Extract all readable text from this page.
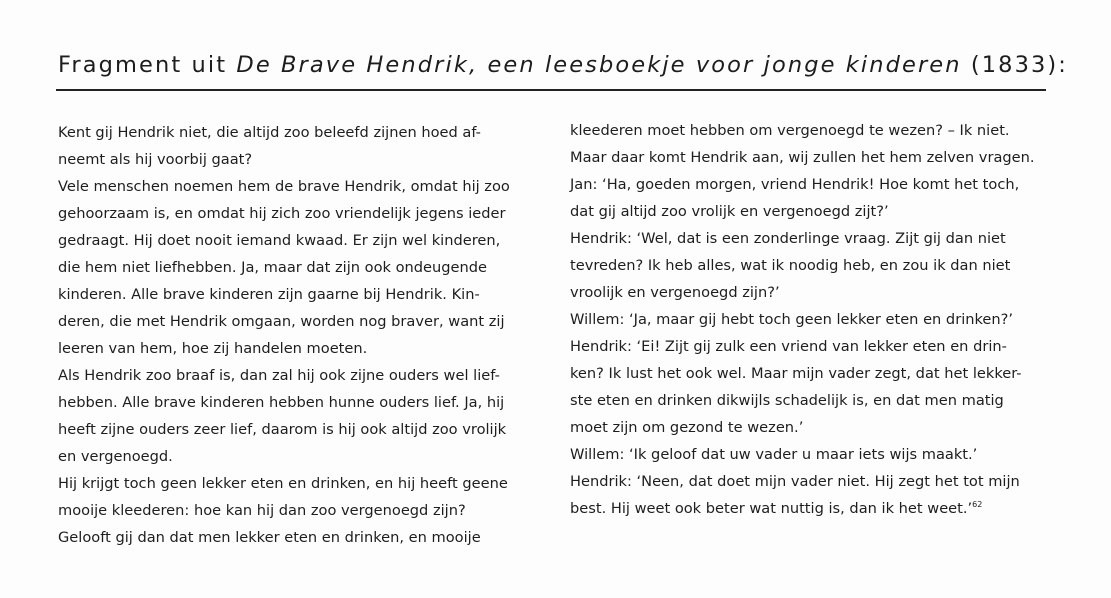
Fragment uit De Brave Hendrik, een leesboekje voor jonge kinderen (1833):
Kent gij Hendrik niet, die altijd zoo beleefd zijnen hoed af-
neemt als hij voorbij gaat?
Vele menschen noemen hem de brave Hendrik, omdat hij zoo
gehoorzaam is, en omdat hij zich zoo vriendelijk jegens ieder
gedraagt. Hij doet nooit iemand kwaad. Er zijn wel kinderen,
die hem niet liefhebben. Ja, maar dat zijn ook ondeugende
kinderen. Alle brave kinderen zijn gaarne bij Hendrik. Kin-
deren, die met Hendrik omgaan, worden nog braver, want zij
leeren van hem, hoe zij handelen moeten.
Als Hendrik zoo braaf is, dan zal hij ook zijne ouders wel lief-
hebben. Alle brave kinderen hebben hunne ouders lief. Ja, hij
heeft zijne ouders zeer lief, daarom is hij ook altijd zoo vrolijk
en vergenoegd.
Hij krijgt toch geen lekker eten en drinken, en hij heeft geene
mooije kleederen: hoe kan hij dan zoo vergenoegd zijn?
Gelooft gij dan dat men lekker eten en drinken, en mooije
kleederen moet hebben om vergenoegd te wezen? – Ik niet.
Maar daar komt Hendrik aan, wij zullen het hem zelven vragen.
Jan: ‘Ha, goeden morgen, vriend Hendrik! Hoe komt het toch,
dat gij altijd zoo vrolijk en vergenoegd zijt?’
Hendrik: ‘Wel, dat is een zonderlinge vraag. Zijt gij dan niet
tevreden? Ik heb alles, wat ik noodig heb, en zou ik dan niet
vroolijk en vergenoegd zijn?’
Willem: ‘Ja, maar gij hebt toch geen lekker eten en drinken?’
Hendrik: ‘Ei! Zijt gij zulk een vriend van lekker eten en drin-
ken? Ik lust het ook wel. Maar mijn vader zegt, dat het lekker-
ste eten en drinken dikwijls schadelijk is, en dat men matig
moet zijn om gezond te wezen.’
Willem: ‘Ik geloof dat uw vader u maar iets wijs maakt.’
Hendrik: ‘Neen, dat doet mijn vader niet. Hij zegt het tot mijn
best. Hij weet ook beter wat nuttig is, dan ik het weet.’$^{62}$
